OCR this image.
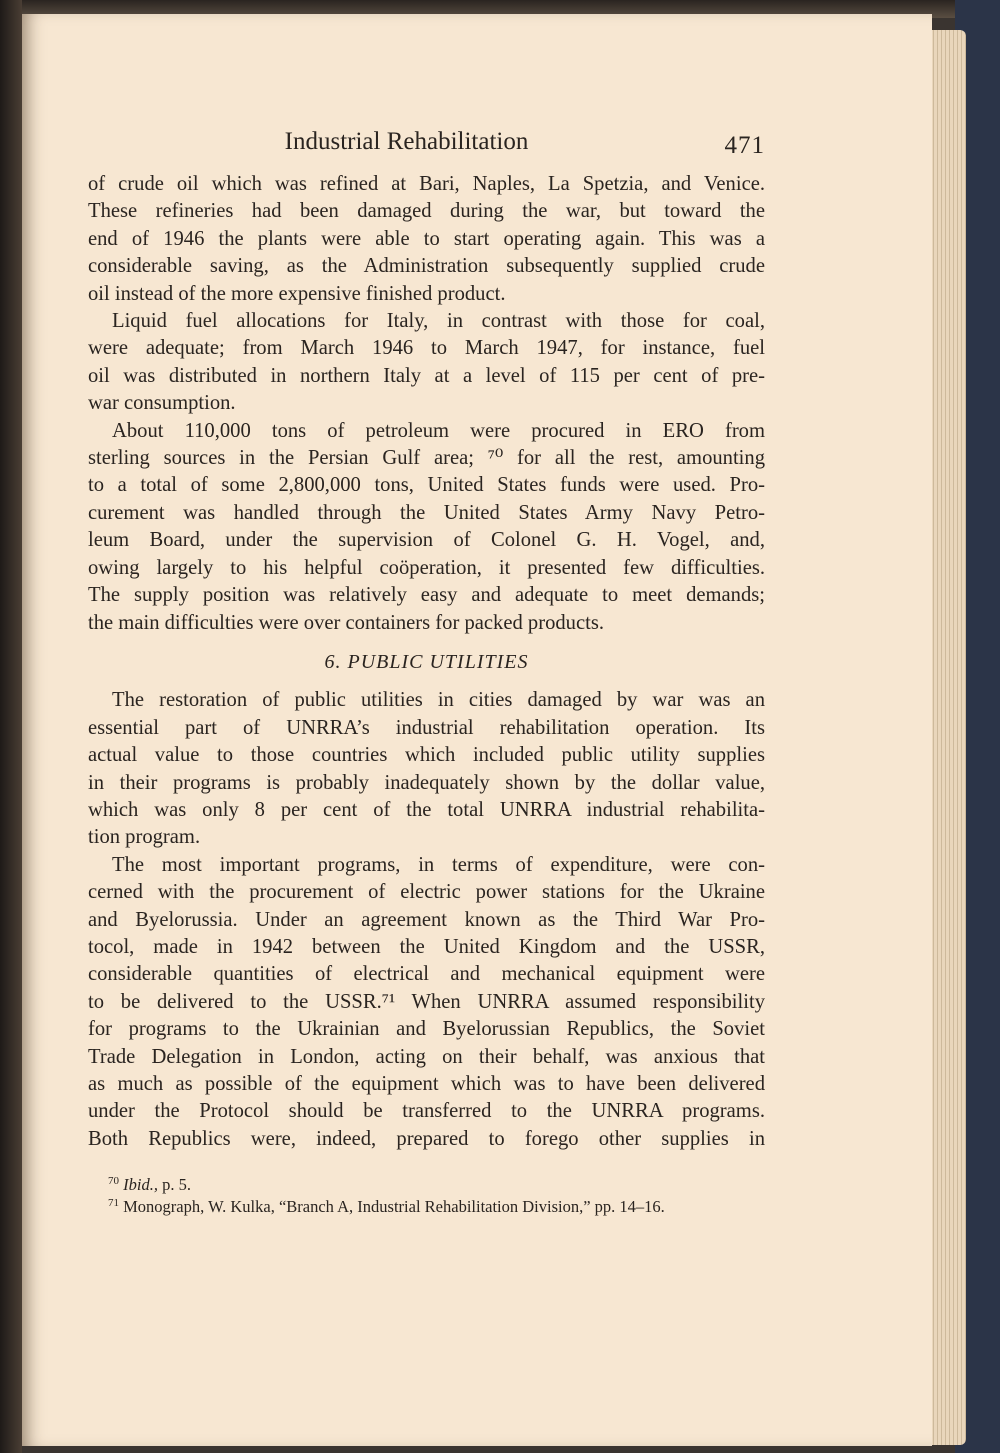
Industrial Rehabilitation	471
of crude oil which was refined at Bari, Naples, La Spetzia, and Venice.
These refineries had been damaged during the war, but toward the
end of 1946 the plants were able to start operating again. This was a
considerable saving, as the Administration subsequently supplied crude
oil instead of the more expensive finished product.
Liquid fuel allocations for Italy, in contrast with those for coal,
were adequate; from March 1946 to March 1947, for instance, fuel
oil was distributed in northern Italy at a level of 115 per cent of pre-
war consumption.
About 110,000 tons of petroleum were procured in ERO from
sterling sources in the Persian Gulf area; ⁷⁰ for all the rest, amounting
to a total of some 2,800,000 tons, United States funds were used. Pro-
curement was handled through the United States Army Navy Petro-
leum Board, under the supervision of Colonel G. H. Vogel, and,
owing largely to his helpful coöperation, it presented few difficulties.
The supply position was relatively easy and adequate to meet demands;
the main difficulties were over containers for packed products.
6. PUBLIC UTILITIES
The restoration of public utilities in cities damaged by war was an
essential part of UNRRA’s industrial rehabilitation operation. Its
actual value to those countries which included public utility supplies
in their programs is probably inadequately shown by the dollar value,
which was only 8 per cent of the total UNRRA industrial rehabilita-
tion program.
The most important programs, in terms of expenditure, were con-
cerned with the procurement of electric power stations for the Ukraine
and Byelorussia. Under an agreement known as the Third War Pro-
tocol, made in 1942 between the United Kingdom and the USSR,
considerable quantities of electrical and mechanical equipment were
to be delivered to the USSR.⁷¹ When UNRRA assumed responsibility
for programs to the Ukrainian and Byelorussian Republics, the Soviet
Trade Delegation in London, acting on their behalf, was anxious that
as much as possible of the equipment which was to have been delivered
under the Protocol should be transferred to the UNRRA programs.
Both Republics were, indeed, prepared to forego other supplies in
$^{70}$ Ibid., p. 5.
$^{71}$ Monograph, W. Kulka, “Branch A, Industrial Rehabilitation Division,” pp. 14–16.
